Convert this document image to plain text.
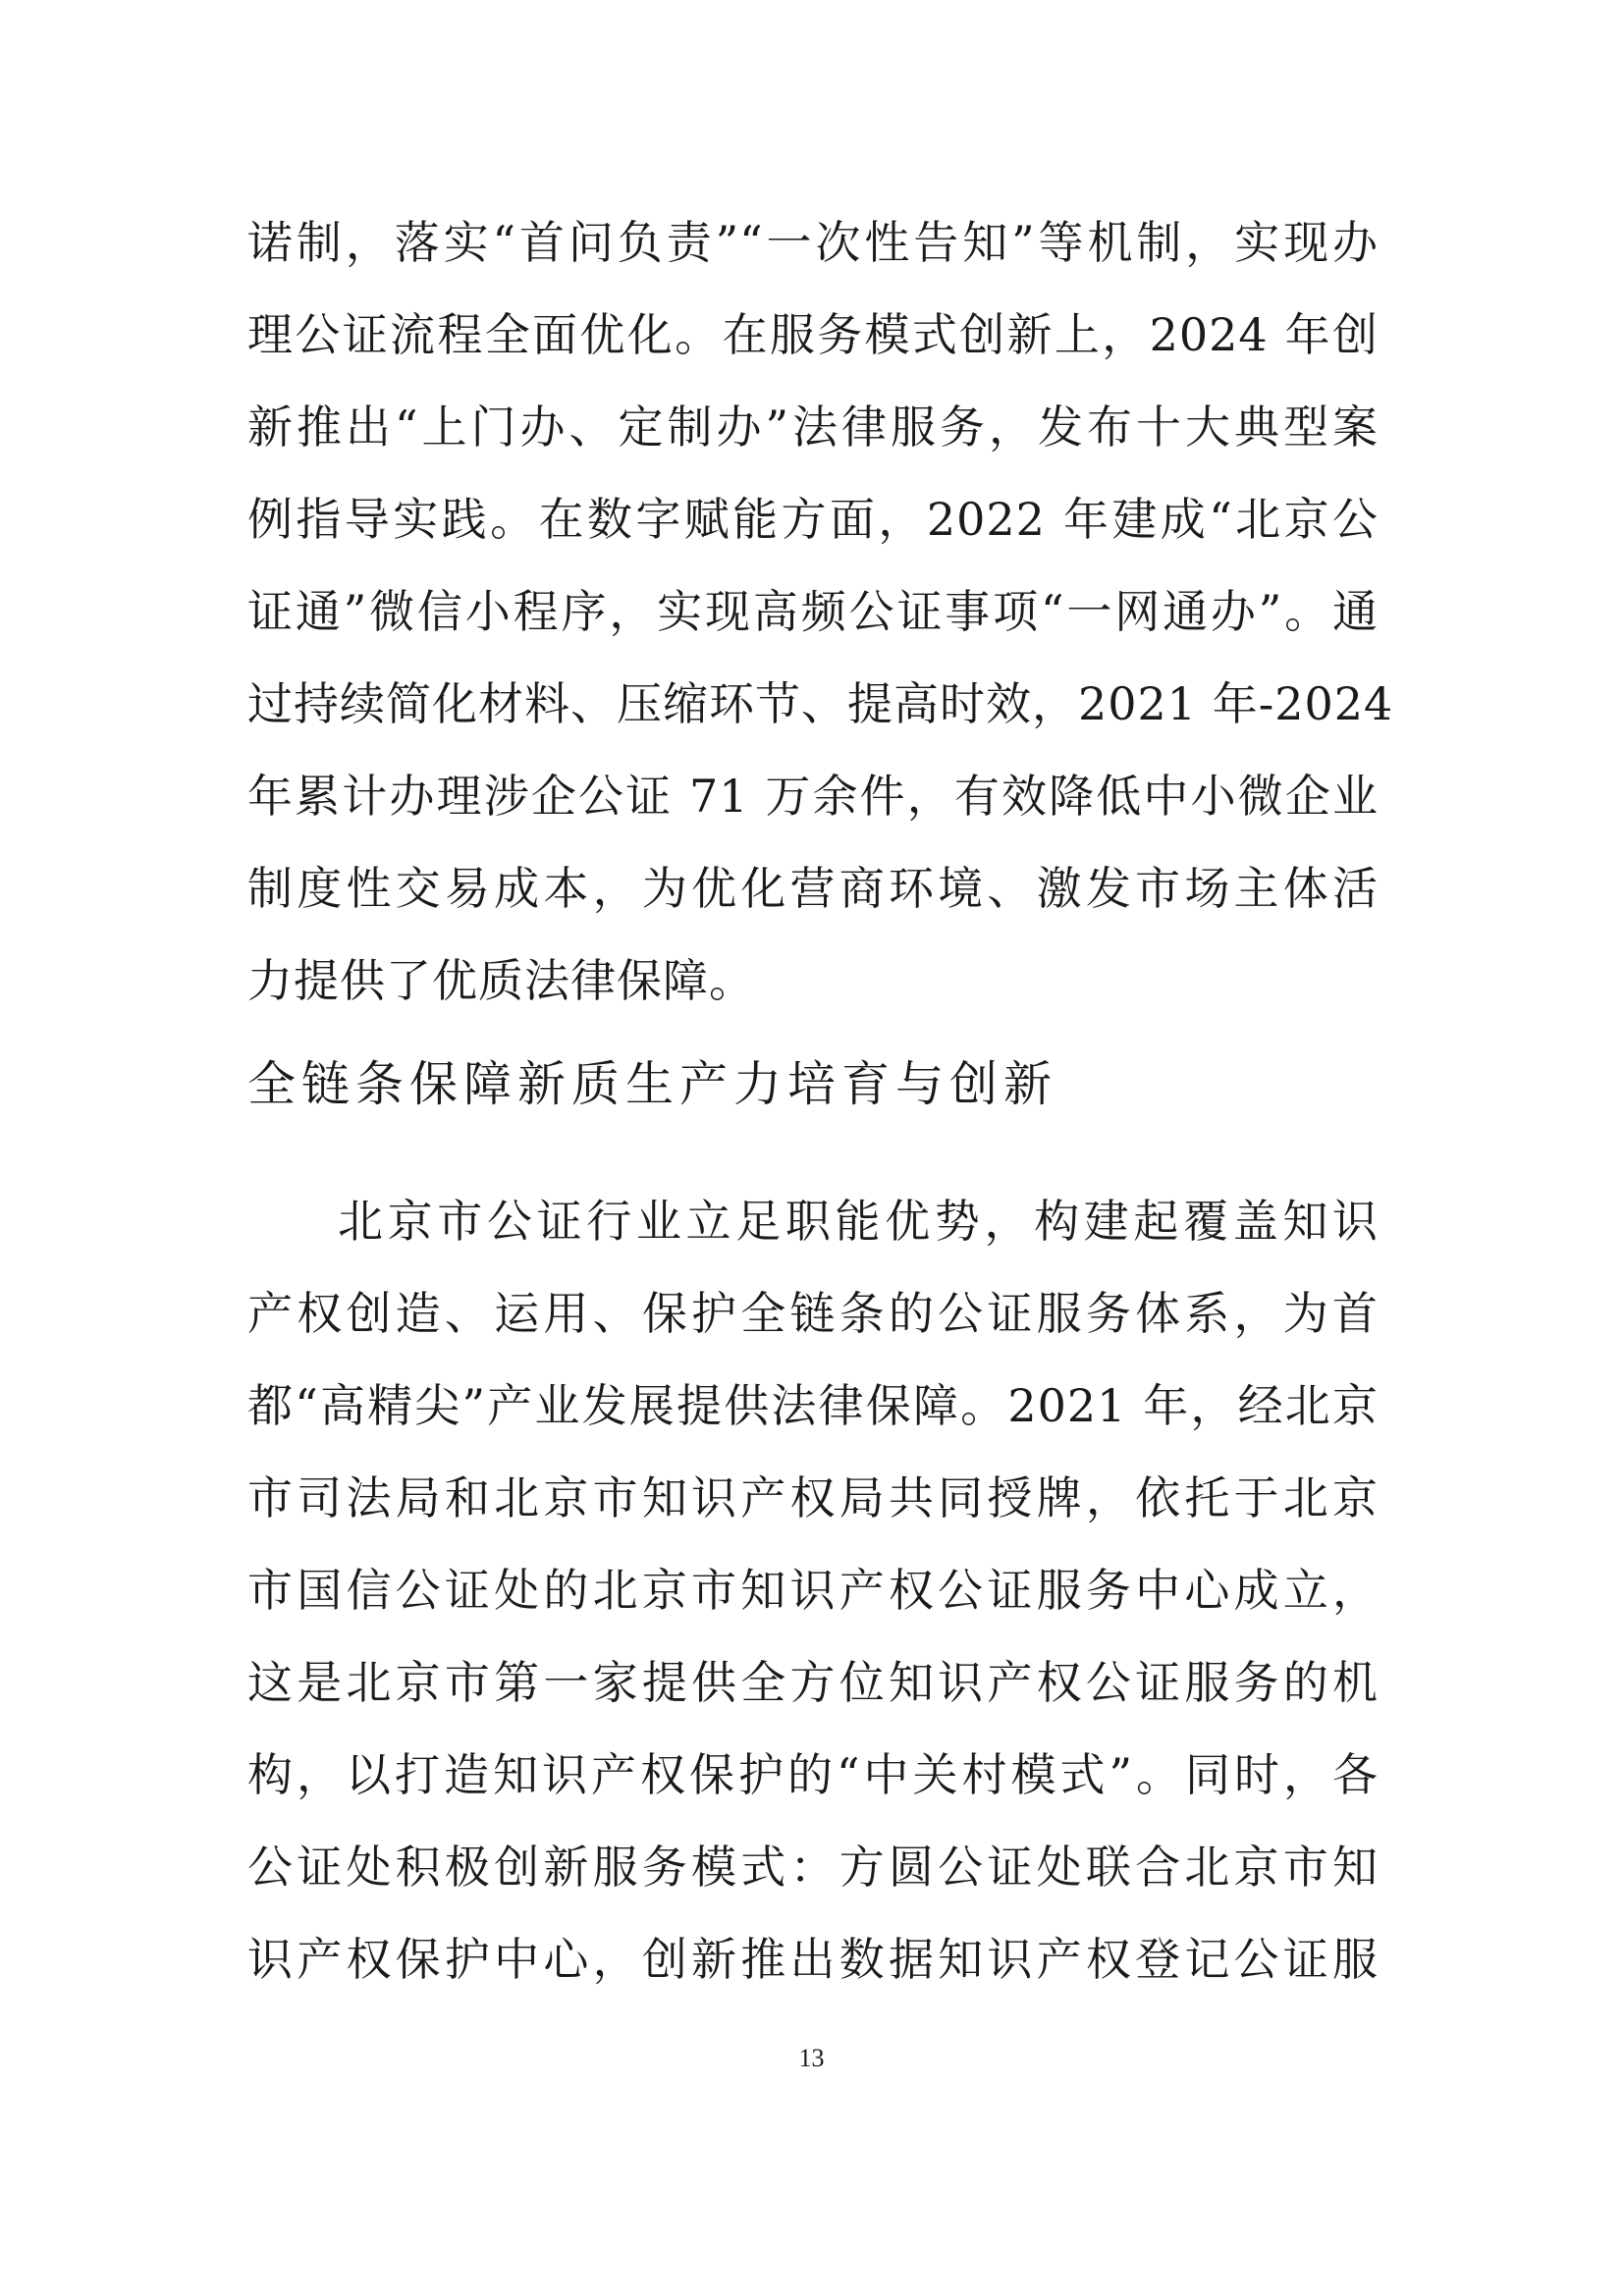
诺制，落实“首问负责”“一次性告知”等机制，实现办
理公证流程全面优化。在服务模式创新上，2024 年创
新推出“上门办、定制办”法律服务，发布十大典型案
例指导实践。在数字赋能方面，2022 年建成“北京公
证通”微信小程序，实现高频公证事项“一网通办”。通
过持续简化材料、压缩环节、提高时效，2021 年-2024
年累计办理涉企公证 71 万余件，有效降低中小微企业
制度性交易成本，为优化营商环境、激发市场主体活
力提供了优质法律保障。
全链条保障新质生产力培育与创新
北京市公证行业立足职能优势，构建起覆盖知识
产权创造、运用、保护全链条的公证服务体系，为首
都“高精尖”产业发展提供法律保障。2021 年，经北京
市司法局和北京市知识产权局共同授牌，依托于北京
市国信公证处的北京市知识产权公证服务中心成立，
这是北京市第一家提供全方位知识产权公证服务的机
构，以打造知识产权保护的“中关村模式”。同时，各
公证处积极创新服务模式：方圆公证处联合北京市知
识产权保护中心，创新推出数据知识产权登记公证服
13
